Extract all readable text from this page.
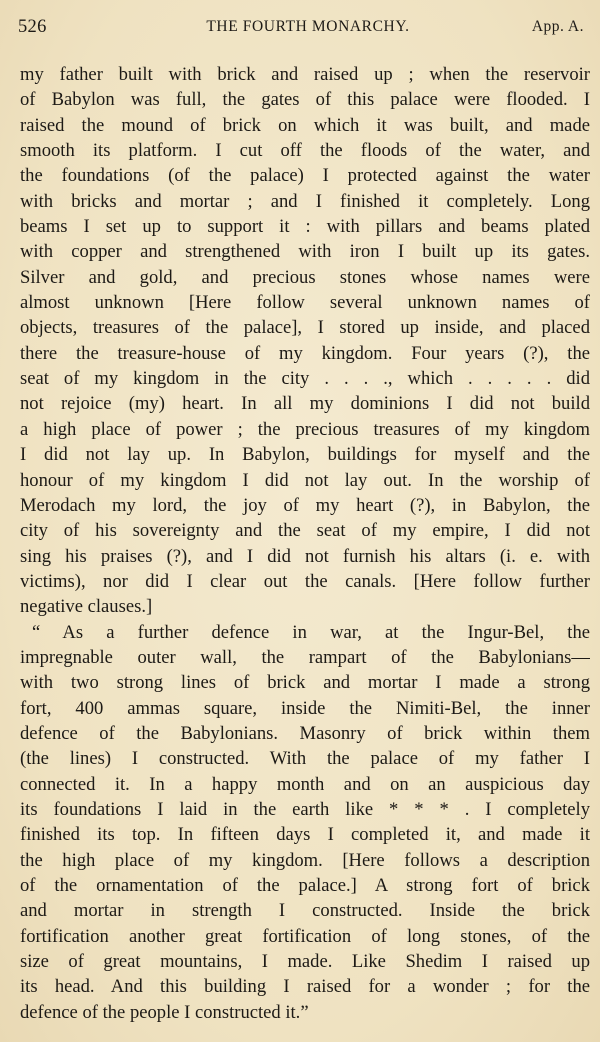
526	THE FOURTH MONARCHY.	App. A.
my father built with brick and raised up ; when the reservoir
of Babylon was full, the gates of this palace were flooded. I
raised the mound of brick on which it was built, and made
smooth its platform. I cut off the floods of the water, and
the foundations (of the palace) I protected against the water
with bricks and mortar ; and I finished it completely. Long
beams I set up to support it : with pillars and beams plated
with copper and strengthened with iron I built up its gates.
Silver and gold, and precious stones whose names were
almost unknown [Here follow several unknown names of
objects, treasures of the palace], I stored up inside, and placed
there the treasure-house of my kingdom. Four years (?), the
seat of my kingdom in the city . . . ., which . . . . . did
not rejoice (my) heart. In all my dominions I did not build
a high place of power ; the precious treasures of my kingdom
I did not lay up. In Babylon, buildings for myself and the
honour of my kingdom I did not lay out. In the worship of
Merodach my lord, the joy of my heart (?), in Babylon, the
city of his sovereignty and the seat of my empire, I did not
sing his praises (?), and I did not furnish his altars (i. e. with
victims), nor did I clear out the canals. [Here follow further
negative clauses.]
“ As a further defence in war, at the Ingur-Bel, the
impregnable outer wall, the rampart of the Babylonians—
with two strong lines of brick and mortar I made a strong
fort, 400 ammas square, inside the Nimiti-Bel, the inner
defence of the Babylonians. Masonry of brick within them
(the lines) I constructed. With the palace of my father I
connected it. In a happy month and on an auspicious day
its foundations I laid in the earth like * * * . I completely
finished its top. In fifteen days I completed it, and made it
the high place of my kingdom. [Here follows a description
of the ornamentation of the palace.] A strong fort of brick
and mortar in strength I constructed. Inside the brick
fortification another great fortification of long stones, of the
size of great mountains, I made. Like Shedim I raised up
its head. And this building I raised for a wonder ; for the
defence of the people I constructed it.”
